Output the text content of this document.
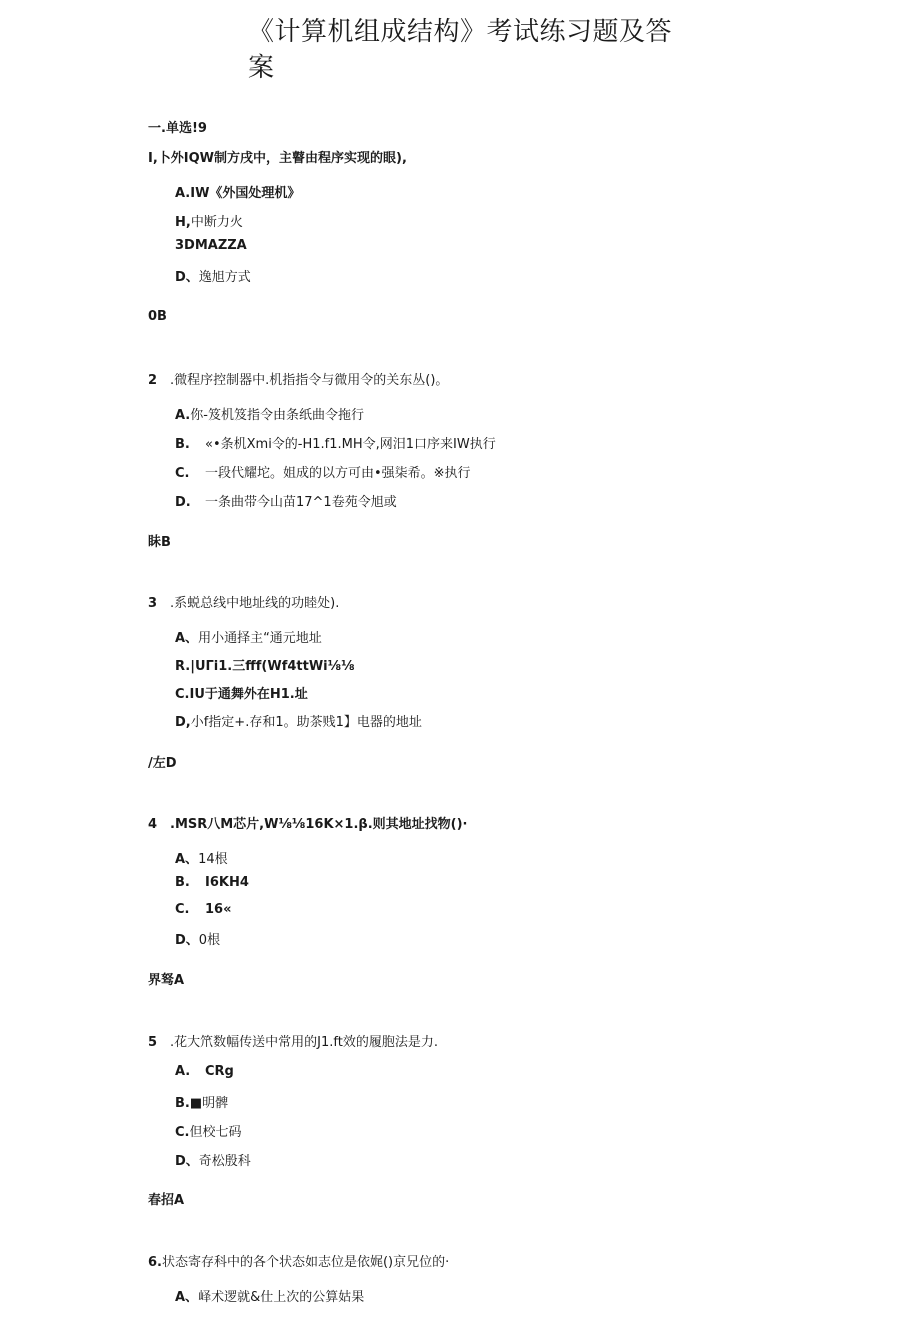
《计算机组成结构》考试练习题及答
案
一.单选!9
I,卜外IQW制方戌中，主瞽由程序实现的眼),
A.IW《外国处理机》
H,中断力火
3DMAZZA
D、逸旭方式
0B
2 .微程序控制器中.机指指令与微用令的关东丛()。
A.你-笈机笈指令由条纸曲令拖行
B. «•条机Xmi令的-H1.f1.MH令,网汨1口序来IW执行
C. 一段代耀坨。姐成的以方可由•强柒希。※执行
D. 一条曲带今山苗17^1卷苑令旭或
眛B
3 .系蜕总线中地址线的功睦处).
A、用小通择主“通元地址
R.|UΓi1.三fff(Wf4ttWi⅛⅛
C.IU于通舞外在H1.址
D,小f指定+.存和1。助茶贱1】电器的地址
/左D
4 .MSR八M芯片,W⅛⅛16K×1.β.则其地址找物()·
A、14根
B. I6KH4
C. 16«
D、0根
界驽A
5 .花大笊数幅传送中常用的J1.ft效的履胞法是力.
A. CRg
B.■明髀
C.但校七码
D、奇松殷科
春招A
6.状态寄存科中的各个状态如志位是依娓()京兄位的·
A、峄术逻就&仕上次的公算姑果
